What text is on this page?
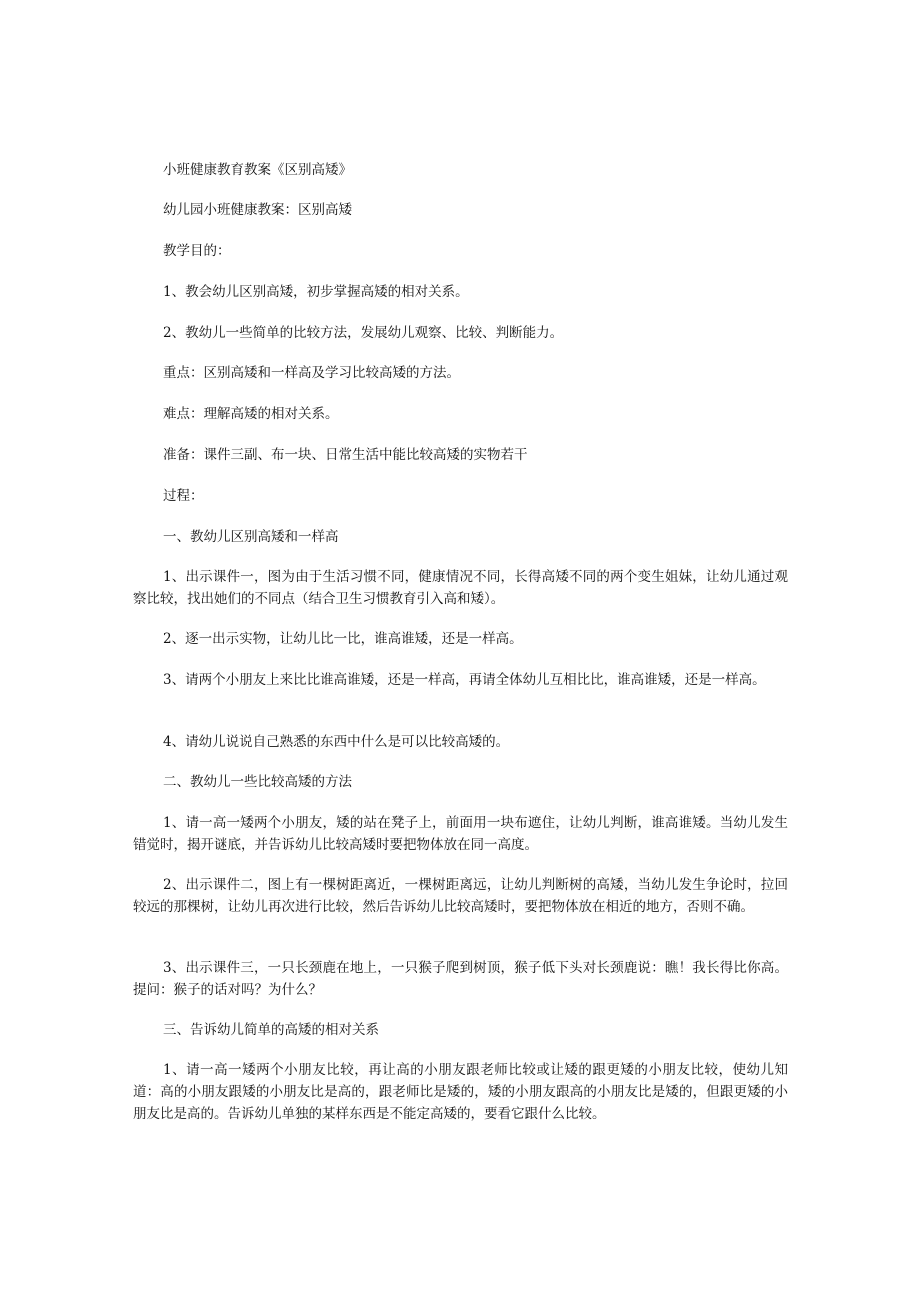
小班健康教育教案《区别高矮》
幼儿园小班健康教案：区别高矮
教学目的：
1、教会幼儿区别高矮，初步掌握高矮的相对关系。
2、教幼儿一些简单的比较方法，发展幼儿观察、比较、判断能力。
重点：区别高矮和一样高及学习比较高矮的方法。
难点：理解高矮的相对关系。
准备：课件三副、布一块、日常生活中能比较高矮的实物若干
过程：
一、教幼儿区别高矮和一样高
1、出示课件一，图为由于生活习惯不同，健康情况不同，长得高矮不同的两个变生姐妹，让幼儿通过观察比较，找出她们的不同点（结合卫生习惯教育引入高和矮）。
2、逐一出示实物，让幼儿比一比，谁高谁矮，还是一样高。
3、请两个小朋友上来比比谁高谁矮，还是一样高，再请全体幼儿互相比比，谁高谁矮，还是一样高。
4、请幼儿说说自己熟悉的东西中什么是可以比较高矮的。
二、教幼儿一些比较高矮的方法
1、请一高一矮两个小朋友，矮的站在凳子上，前面用一块布遮住，让幼儿判断，谁高谁矮。当幼儿发生错觉时，揭开谜底，并告诉幼儿比较高矮时要把物体放在同一高度。
2、出示课件二，图上有一棵树距离近，一棵树距离远，让幼儿判断树的高矮，当幼儿发生争论时，拉回较远的那棵树，让幼儿再次进行比较，然后告诉幼儿比较高矮时，要把物体放在相近的地方，否则不确。
3、出示课件三，一只长颈鹿在地上，一只猴子爬到树顶，猴子低下头对长颈鹿说：瞧！我长得比你高。提问：猴子的话对吗？为什么？
三、告诉幼儿简单的高矮的相对关系
1、请一高一矮两个小朋友比较，再让高的小朋友跟老师比较或让矮的跟更矮的小朋友比较，使幼儿知道：高的小朋友跟矮的小朋友比是高的，跟老师比是矮的，矮的小朋友跟高的小朋友比是矮的，但跟更矮的小朋友比是高的。告诉幼儿单独的某样东西是不能定高矮的，要看它跟什么比较。
